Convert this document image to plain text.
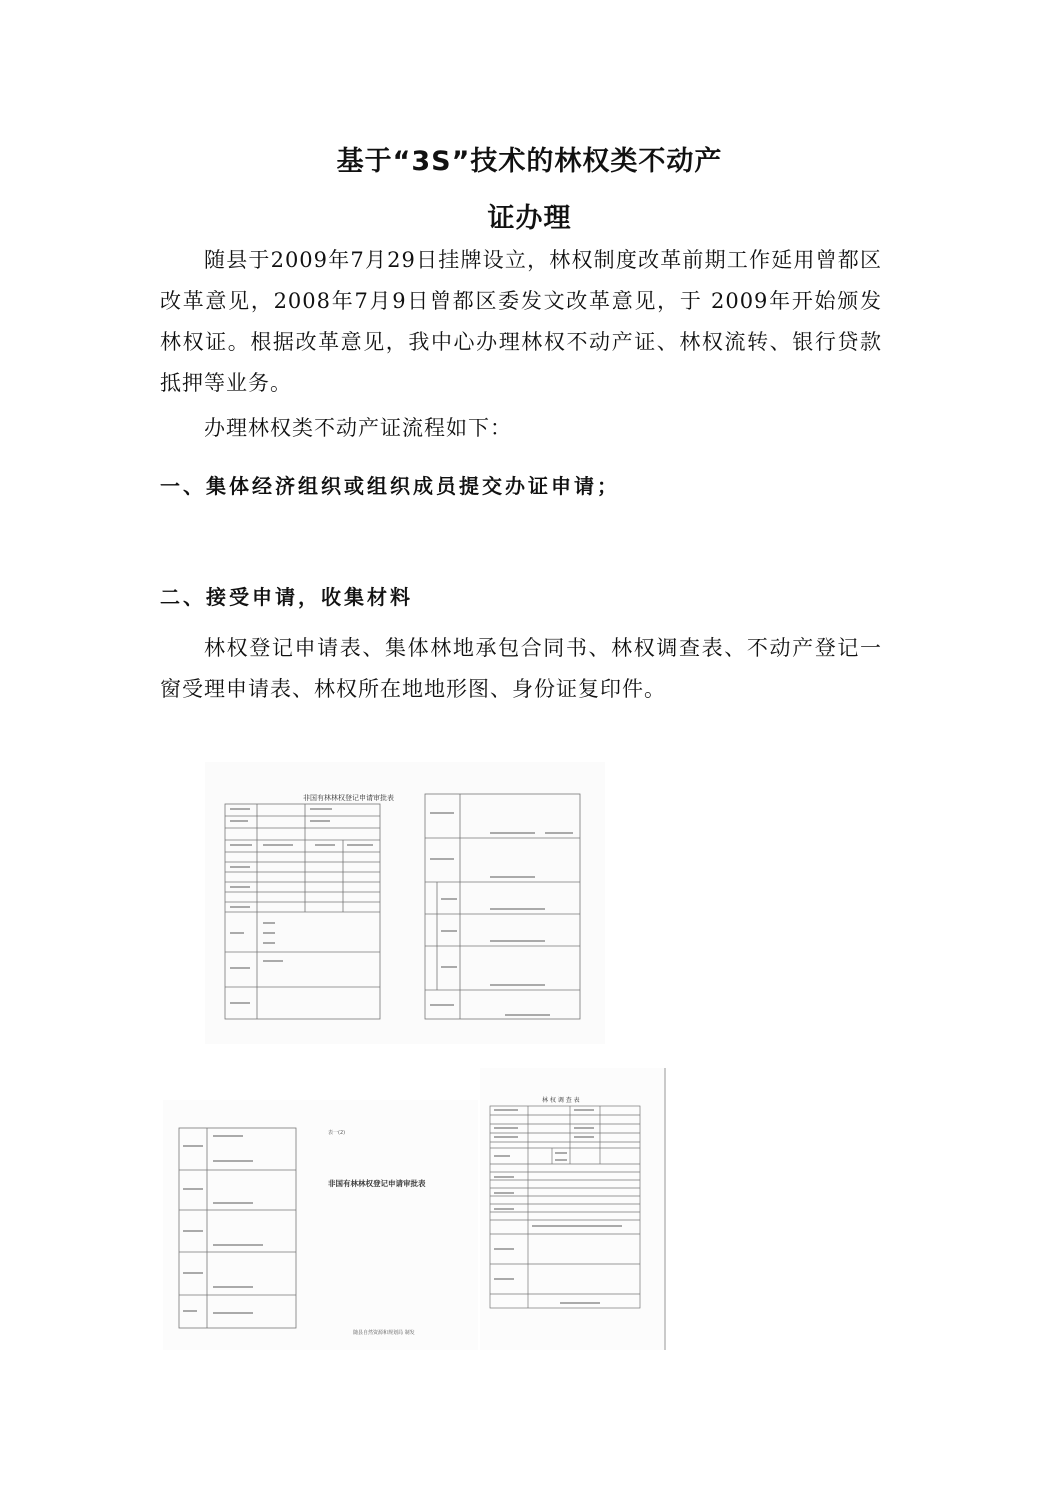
基于“3S”技术的林权类不动产
证办理
随县于2009年7月29日挂牌设立，林权制度改革前期工作延用曾都区改革意见，2008年7月9日曾都区委发文改革意见，于 2009年开始颁发林权证。根据改革意见，我中心办理林权不动产证、林权流转、银行贷款抵押等业务。
办理林权类不动产证流程如下：
一、集体经济组织或组织成员提交办证申请；
二、接受申请，收集材料
林权登记申请表、集体林地承包合同书、林权调查表、不动产登记一窗受理申请表、林权所在地地形图、身份证复印件。
非国有林林权登记申请审批表
表一(2)
非国有林林权登记申请审批表
随县自然资源和规划局 制发
林 权 调 查 表
